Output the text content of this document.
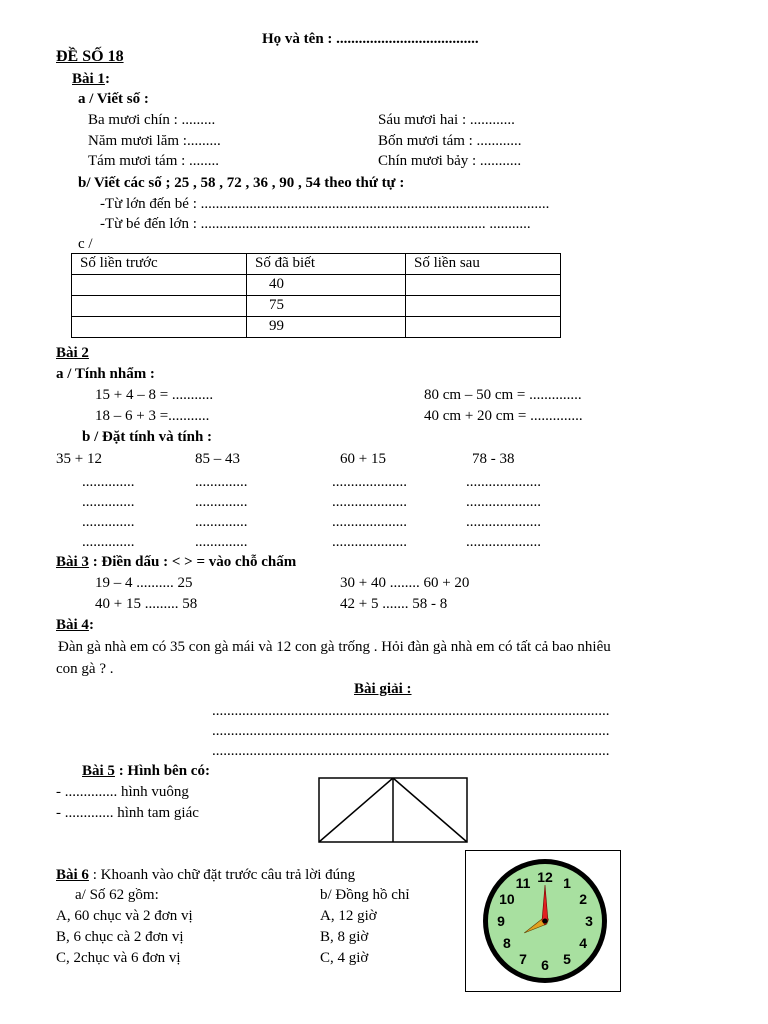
Họ và tên : ......................................
ĐỀ SỐ 18
Bài 1:
a / Viết số :
Ba mươi chín : .........	Sáu mươi hai : ............
Năm mươi lăm :.........	Bốn mươi tám : ............
Tám mươi tám : ........	Chín mươi bảy : ...........
b/ Viết các số ; 25 , 58 , 72 , 36 , 90 , 54 theo thứ tự :
-Từ lớn đến bé : .............................................................................................
-Từ bé đến lớn : ............................................................................ ...........
c /
Số liền trước	Số đã biết	Số liền sau
	40	
	75	
	99	
Bài 2
a / Tính nhẩm :
15 + 4 – 8 = ...........	80 cm – 50 cm = ..............
18 – 6 + 3 =...........	40 cm + 20 cm = ..............
b / Đặt tính và tính :
35 + 12	85 – 43	60 + 15	78 - 38
..............	..............	....................	....................
..............	..............	....................	....................
..............	..............	....................	....................
..............	..............	....................	....................
Bài 3 : Điền dấu : < > = vào chỗ chấm
19 – 4 .......... 25	30 + 40 ........ 60 + 20
40 + 15 ......... 58	42 + 5 ....... 58 - 8
Bài 4:
Đàn gà nhà em có 35 con gà mái và 12 con gà trống . Hỏi đàn gà nhà em có tất cả bao nhiêu
con gà ? .
Bài giải :
..........................................................................................................
..........................................................................................................
..........................................................................................................
Bài 5 : Hình bên có:
- .............. hình vuông
- ............. hình tam giác
Bài 6 : Khoanh vào chữ đặt trước câu trả lời đúng
a/ Số 62 gồm:	b/ Đồng hồ chỉ
A, 60 chục và 2 đơn vị	A, 12 giờ
B, 6 chục cà 2 đơn vị	B, 8 giờ
C, 2chục và 6 đơn vị	C, 4 giờ
12 1
2
3
4
5
6
7
8
9
10
11
